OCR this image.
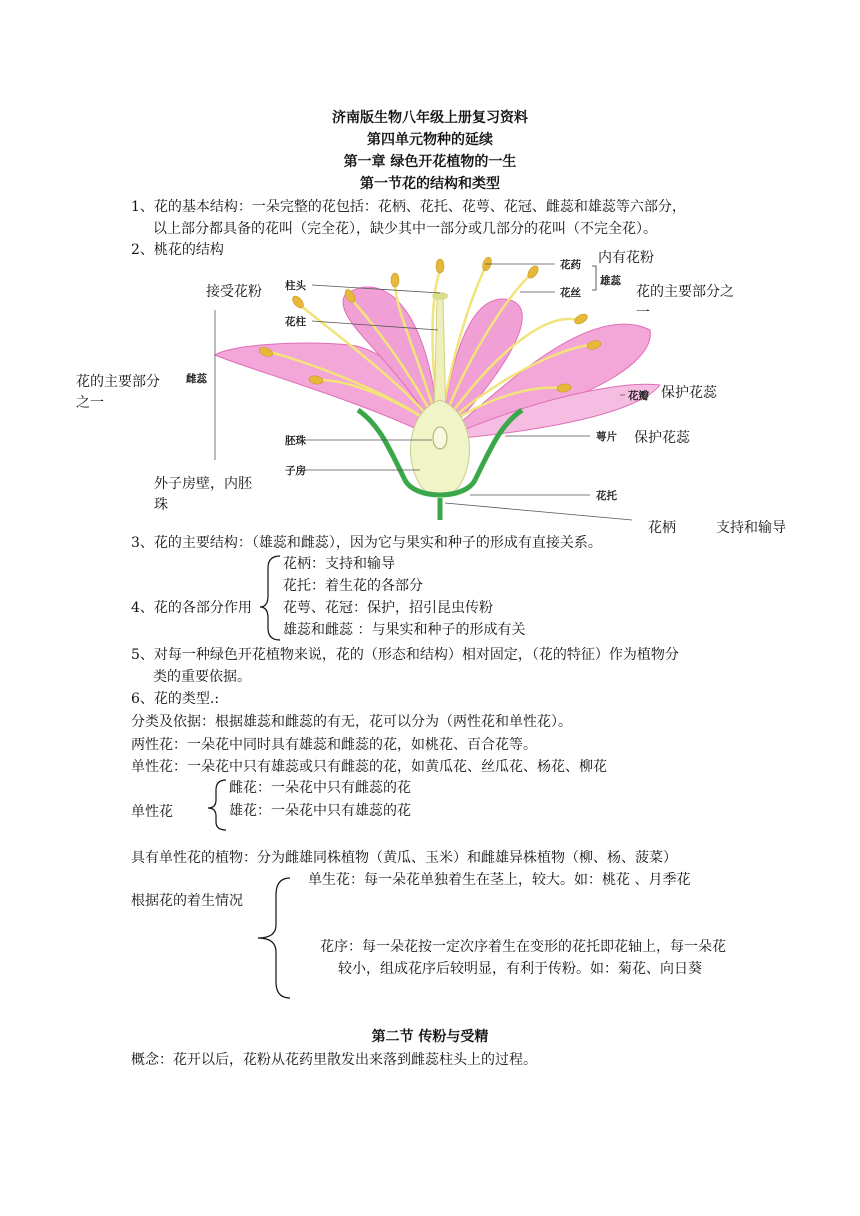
济南版生物八年级上册复习资料
第四单元物种的延续
第一章 绿色开花植物的一生
第一节花的结构和类型
1、花的基本结构：一朵完整的花包括：花柄、花托、花萼、花冠、雌蕊和雄蕊等六部分，
以上部分都具备的花叫（完全花），缺少其中一部分或几部分的花叫（不完全花）。
2、桃花的结构
柱头
花柱
雌蕊
胚珠
子房
花药
花丝
雄蕊
花瓣
萼片
花托
接受花粉
内有花粉
花的主要部分之一
花的主要部分之一
保护花蕊
保护花蕊
外子房壁，内胚珠
花柄	支持和输导
3、花的主要结构：（雄蕊和雌蕊），因为它与果实和种子的形成有直接关系。
4、花的各部分作用
花柄：支持和输导
花托：着生花的各部分
花萼、花冠：保护，招引昆虫传粉
雄蕊和雌蕊 ：与果实和种子的形成有关
5、对每一种绿色开花植物来说，花的（形态和结构）相对固定，（花的特征）作为植物分
类的重要依据。
6、花的类型.:
分类及依据：根据雄蕊和雌蕊的有无，花可以分为（两性花和单性花）。
两性花：一朵花中同时具有雄蕊和雌蕊的花，如桃花、百合花等。
单性花：一朵花中只有雄蕊或只有雌蕊的花，如黄瓜花、丝瓜花、杨花、柳花
单性花
雌花：一朵花中只有雌蕊的花
雄花：一朵花中只有雄蕊的花
具有单性花的植物：分为雌雄同株植物（黄瓜、玉米）和雌雄异株植物（柳、杨、菠菜）
根据花的着生情况
单生花：每一朵花单独着生在茎上，较大。如：桃花 、月季花
花序：每一朵花按一定次序着生在变形的花托即花轴上，每一朵花较小，组成花序后较明显，有利于传粉。如：菊花、向日葵
第二节 传粉与受精
概念：花开以后，花粉从花药里散发出来落到雌蕊柱头上的过程。
